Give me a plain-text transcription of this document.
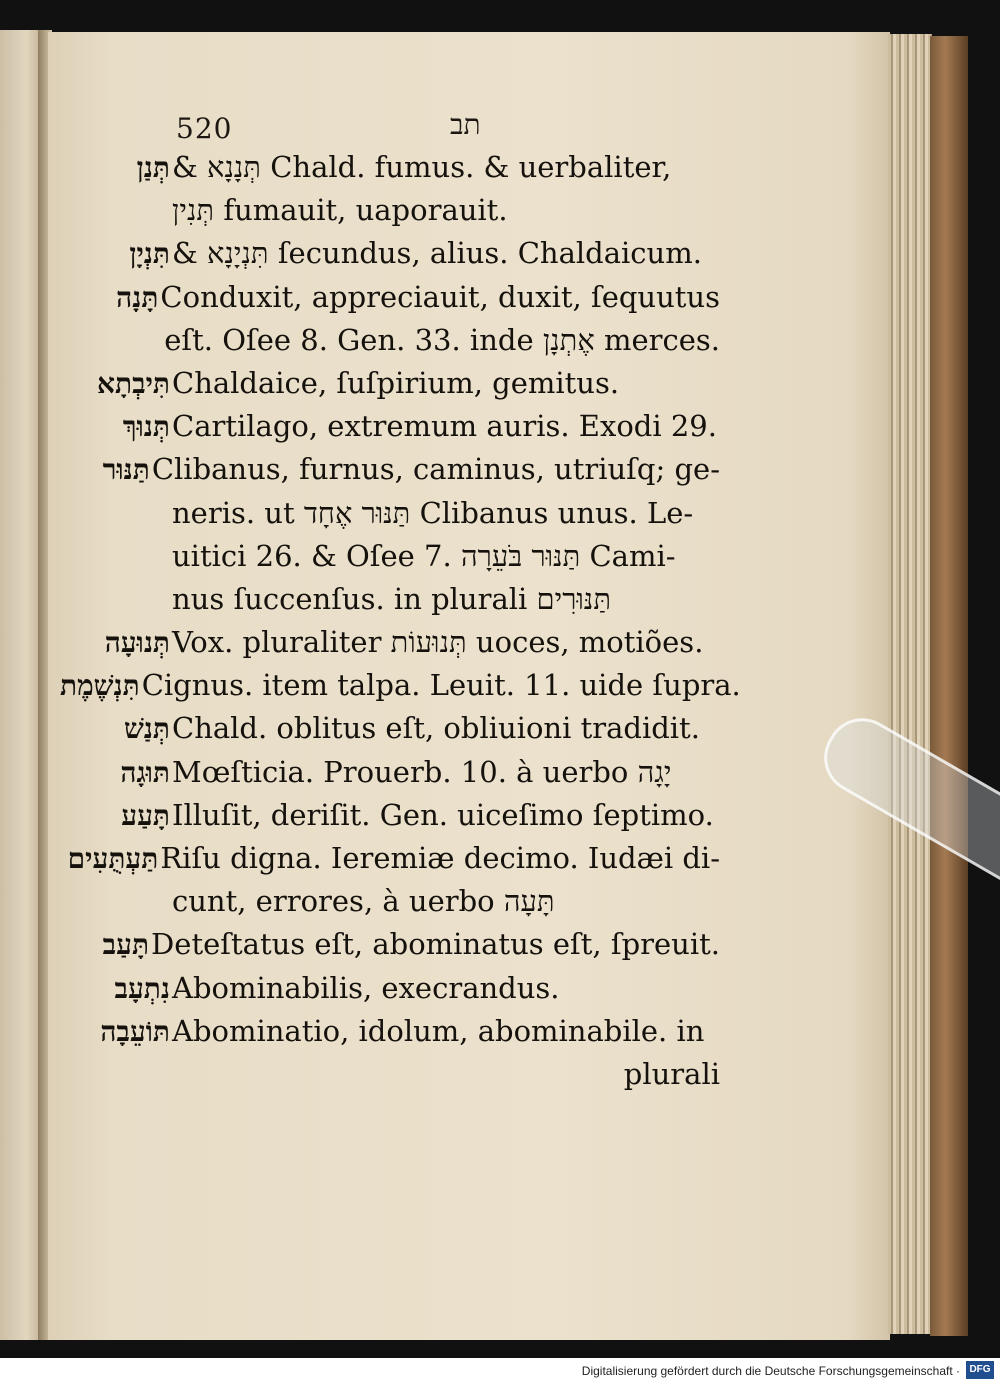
520	תב
תְּנַן & תְּנָנָא Chald. fumus. & uerbaliter,
תְּנִין fumauit, uaporauit.
תִּנְיָן & תִּנְיָנָא ſecundus, alius. Chaldaicum.
תָּנָה Conduxit, appreciauit, duxit, ſequutus
eſt. Oſee 8. Gen. 33. inde אֶתְנָן merces.
תִּיבְתָא Chaldaice, ſuſpirium, gemitus.
תְּנוּךְ Cartilago, extremum auris. Exodi 29.
תַּנּוּר Clibanus, furnus, caminus, utriuſq; ge-
neris. ut תַּנּוּר אֶחָד Clibanus unus. Le-
uitici 26. & Oſee 7. תַּנּוּר בֹּעֵרָה Cami-
nus ſuccenſus. in plurali תַּנּוּרִים
תְּנוּעָה Vox. pluraliter תְּנוּעוֹת uoces, motiões.
תִּנְשֶׁמֶת Cignus. item talpa. Leuit. 11. uide ſupra.
תְּנַשׁ Chald. oblitus eſt, obliuioni tradidit.
תּוּגָה Mœſticia. Prouerb. 10. à uerbo יָגָה
תָּעַע Illuſit, deriſit. Gen. uiceſimo ſeptimo.
תַּעְתֻּעִים Riſu digna. Ieremiæ decimo. Iudæi di-
cunt, errores, à uerbo תָּעָה
תָּעַב Deteſtatus eſt, abominatus eſt, ſpreuit.
נִתְעָב Abominabilis, execrandus.
תּוֹעֵבָה Abominatio, idolum, abominabile. in
plurali
Digitalisierung gefördert durch die Deutsche Forschungsgemeinschaft · DFG
